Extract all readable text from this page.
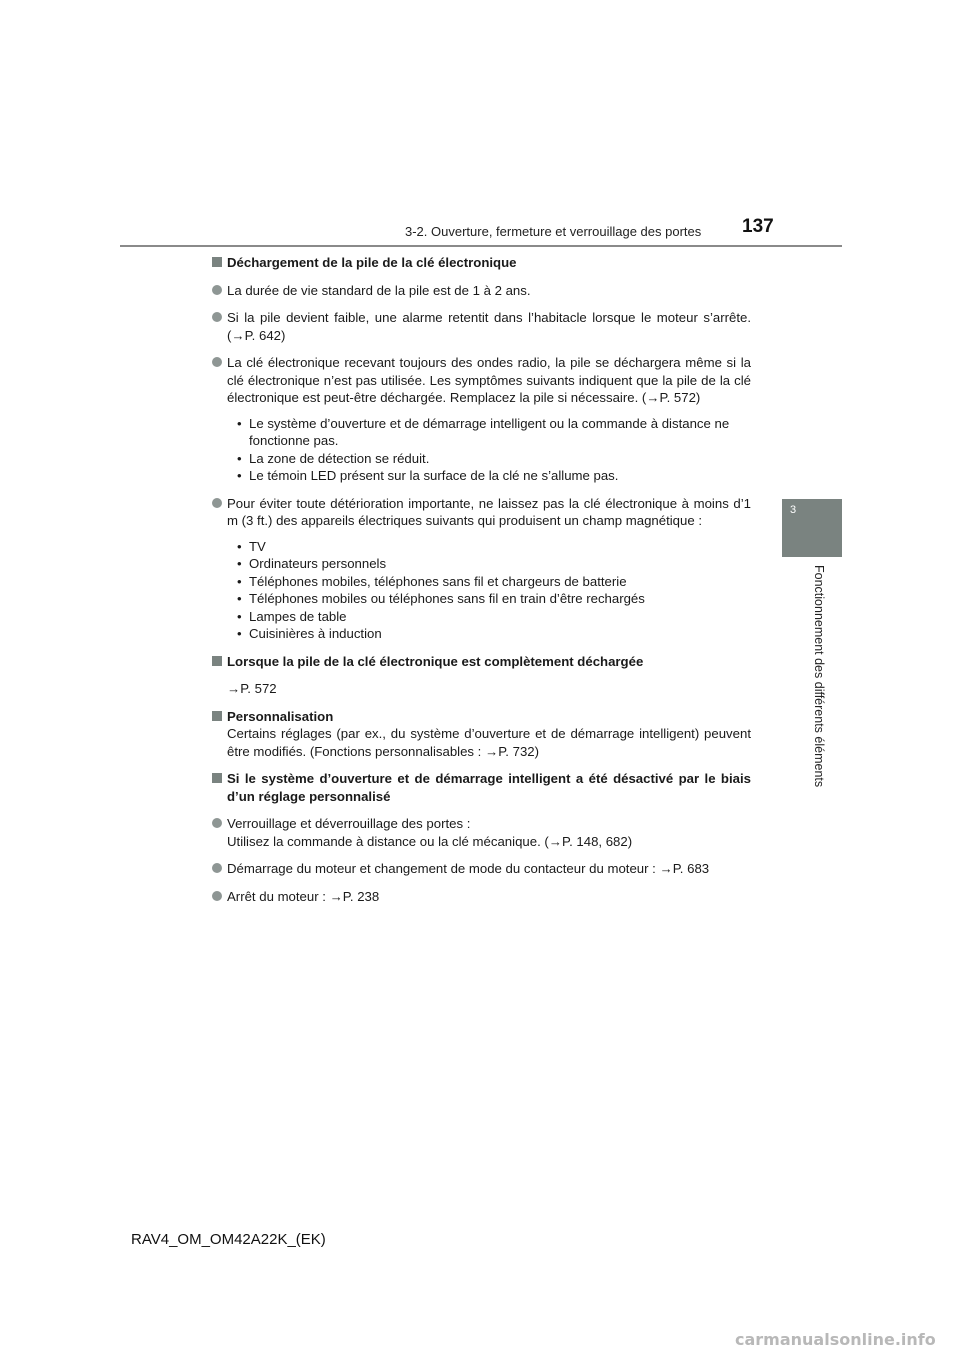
3-2. Ouverture, fermeture et verrouillage des portes 137
3
Fonctionnement des différents éléments
Déchargement de la pile de la clé électronique
La durée de vie standard de la pile est de 1 à 2 ans.
Si la pile devient faible, une alarme retentit dans l’habitacle lorsque le moteur s’arrête. (→P. 642)
La clé électronique recevant toujours des ondes radio, la pile se déchargera même si la clé électronique n’est pas utilisée. Les symptômes suivants indiquent que la pile de la clé électronique est peut-être déchargée. Remplacez la pile si nécessaire. (→P. 572)
• Le système d’ouverture et de démarrage intelligent ou la commande à distance ne fonctionne pas.
• La zone de détection se réduit.
• Le témoin LED présent sur la surface de la clé ne s’allume pas.
Pour éviter toute détérioration importante, ne laissez pas la clé électronique à moins d’1 m (3 ft.) des appareils électriques suivants qui produisent un champ magnétique :
• TV
• Ordinateurs personnels
• Téléphones mobiles, téléphones sans fil et chargeurs de batterie
• Téléphones mobiles ou téléphones sans fil en train d’être rechargés
• Lampes de table
• Cuisinières à induction
Lorsque la pile de la clé électronique est complètement déchargée
→P. 572
Personnalisation
Certains réglages (par ex., du système d’ouverture et de démarrage intelligent) peuvent être modifiés. (Fonctions personnalisables : →P. 732)
Si le système d’ouverture et de démarrage intelligent a été désactivé par le biais d’un réglage personnalisé
Verrouillage et déverrouillage des portes :
Utilisez la commande à distance ou la clé mécanique. (→P. 148, 682)
Démarrage du moteur et changement de mode du contacteur du moteur : →P. 683
Arrêt du moteur : →P. 238
RAV4_OM_OM42A22K_(EK)
carmanualsonline.info
